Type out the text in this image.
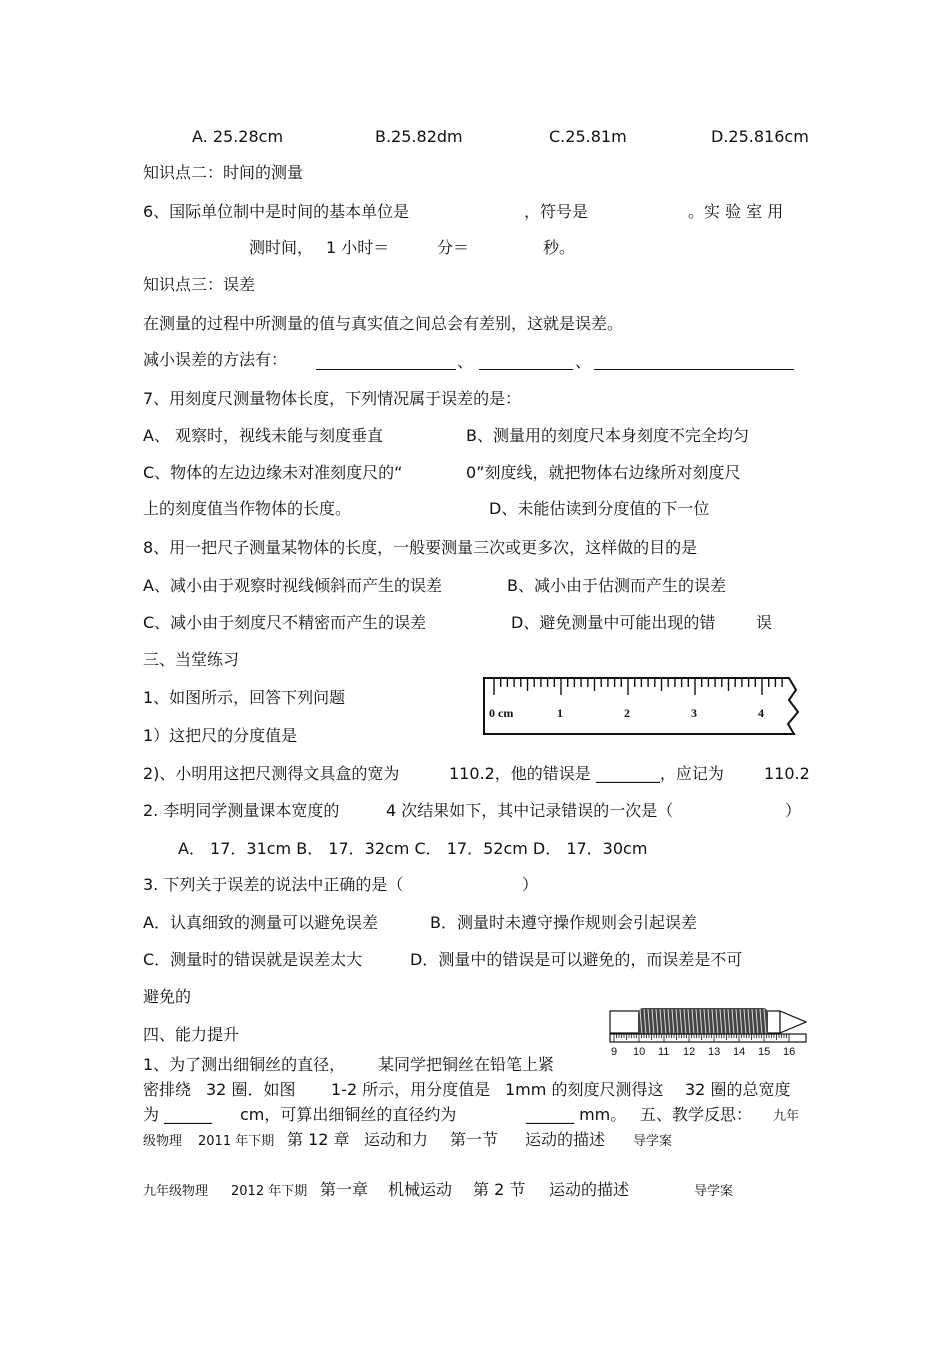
A. 25.28cm	B.25.82dm	C.25.81m	D.25.816cm
知识点二：时间的测量
6、国际单位制中是时间的基本单位是	，符号是	。实 验 室 用
测时间， 1 小时＝	分＝	秒。
知识点三：误差
在测量的过程中所测量的值与真实值之间总会有差别，这就是误差。
减小误差的方法有：	、	、
7、用刻度尺测量物体长度，下列情况属于误差的是：
A、 观察时，视线未能与刻度垂直	B、测量用的刻度尺本身刻度不完全均匀
C、物体的左边边缘未对准刻度尺的“	0”刻度线，就把物体右边缘所对刻度尺
上的刻度值当作物体的长度。	D、未能估读到分度值的下一位
8、用一把尺子测量某物体的长度，一般要测量三次或更多次，这样做的目的是
A、减小由于观察时视线倾斜而产生的误差	B、减小由于估测而产生的误差
C、减小由于刻度尺不精密而产生的误差	D、避免测量中可能出现的错	误
三、当堂练习
1、如图所示，回答下列问题
1）这把尺的分度值是
0 cm	1	2	3	4
2)、小明用这把尺测得文具盒的宽为	110.2，他的错误是 ________，应记为	110.2
2. 李明同学测量课本宽度的	4 次结果如下，其中记录错误的一次是（	）
A． 17．31cm B． 17．32cm C． 17．52cm D． 17．30cm
3. 下列关于误差的说法中正确的是（	）
A．认真细致的测量可以避免误差	B．测量时未遵守操作规则会引起误差
C．测量时的错误就是误差太大	D．测量中的错误是可以避免的，而误差是不可
避免的
四、能力提升
9 10 11 12 13 14 15 16
1、为了测出细铜丝的直径， 某同学把铜丝在铅笔上紧
密排绕 32 圈．如图 1-2 所示，用分度值是 1mm 的刻度尺测得这 32 圈的总宽度
为 ______ cm，可算出细铜丝的直径约为	______ mm。 五、教学反思： 九年
级物理 2011 年下期 第 12 章 运动和力 第一节 运动的描述 导学案
九年级物理 2012 年下期 第一章 机械运动 第 2 节 运动的描述	导学案
